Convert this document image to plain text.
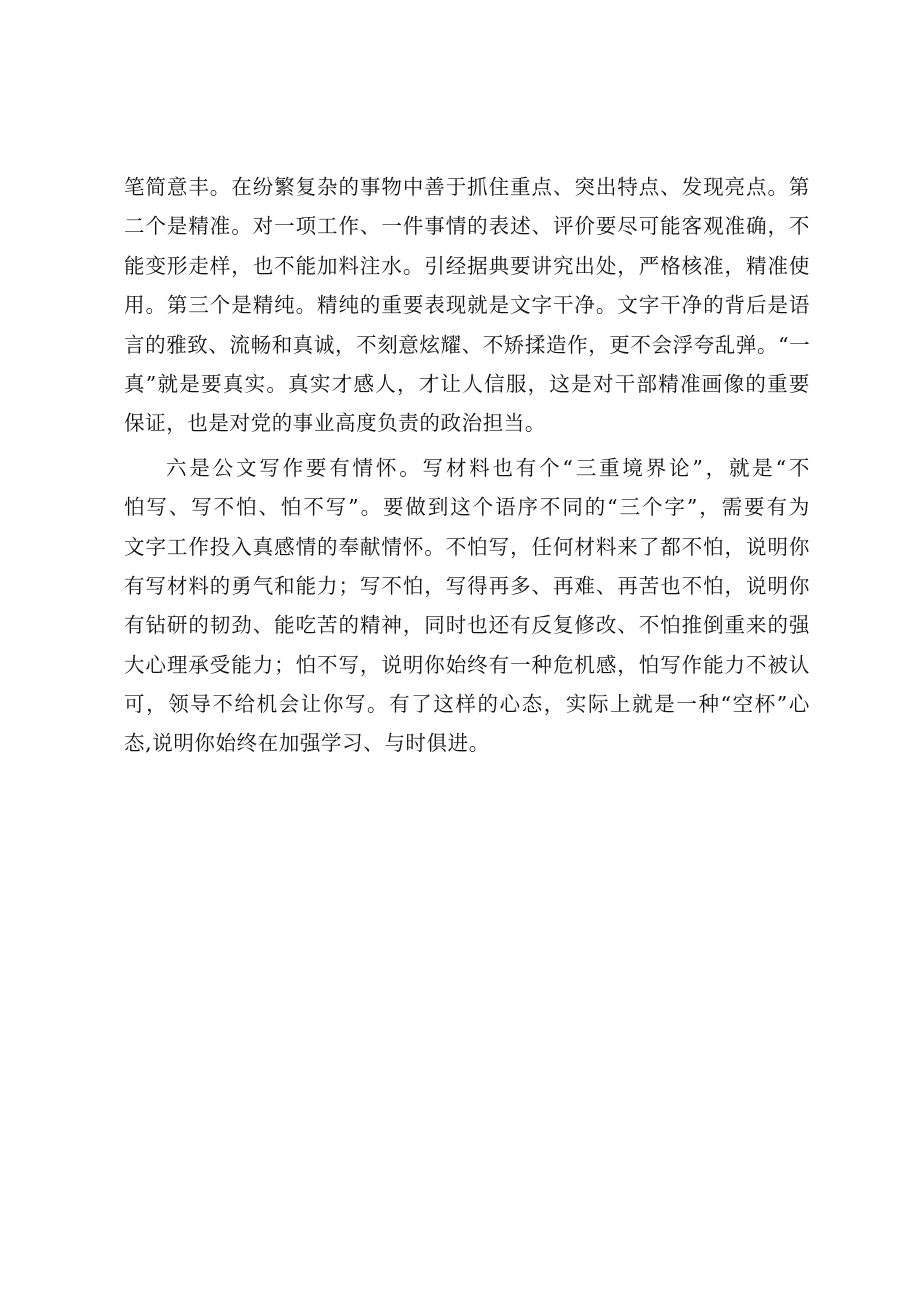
笔简意丰。在纷繁复杂的事物中善于抓住重点、突出特点、发现亮点。第
二个是精准。对一项工作、一件事情的表述、评价要尽可能客观准确，不
能变形走样，也不能加料注水。引经据典要讲究出处，严格核准，精准使
用。第三个是精纯。精纯的重要表现就是文字干净。文字干净的背后是语
言的雅致、流畅和真诚，不刻意炫耀、不矫揉造作，更不会浮夸乱弹。“一
真”就是要真实。真实才感人，才让人信服，这是对干部精准画像的重要
保证，也是对党的事业高度负责的政治担当。
六是公文写作要有情怀。写材料也有个“三重境界论”，就是“不
怕写、写不怕、怕不写”。要做到这个语序不同的“三个字”，需要有为
文字工作投入真感情的奉献情怀。不怕写，任何材料来了都不怕，说明你
有写材料的勇气和能力；写不怕，写得再多、再难、再苦也不怕，说明你
有钻研的韧劲、能吃苦的精神，同时也还有反复修改、不怕推倒重来的强
大心理承受能力；怕不写，说明你始终有一种危机感，怕写作能力不被认
可，领导不给机会让你写。有了这样的心态，实际上就是一种“空杯”心
态,说明你始终在加强学习、与时俱进。
